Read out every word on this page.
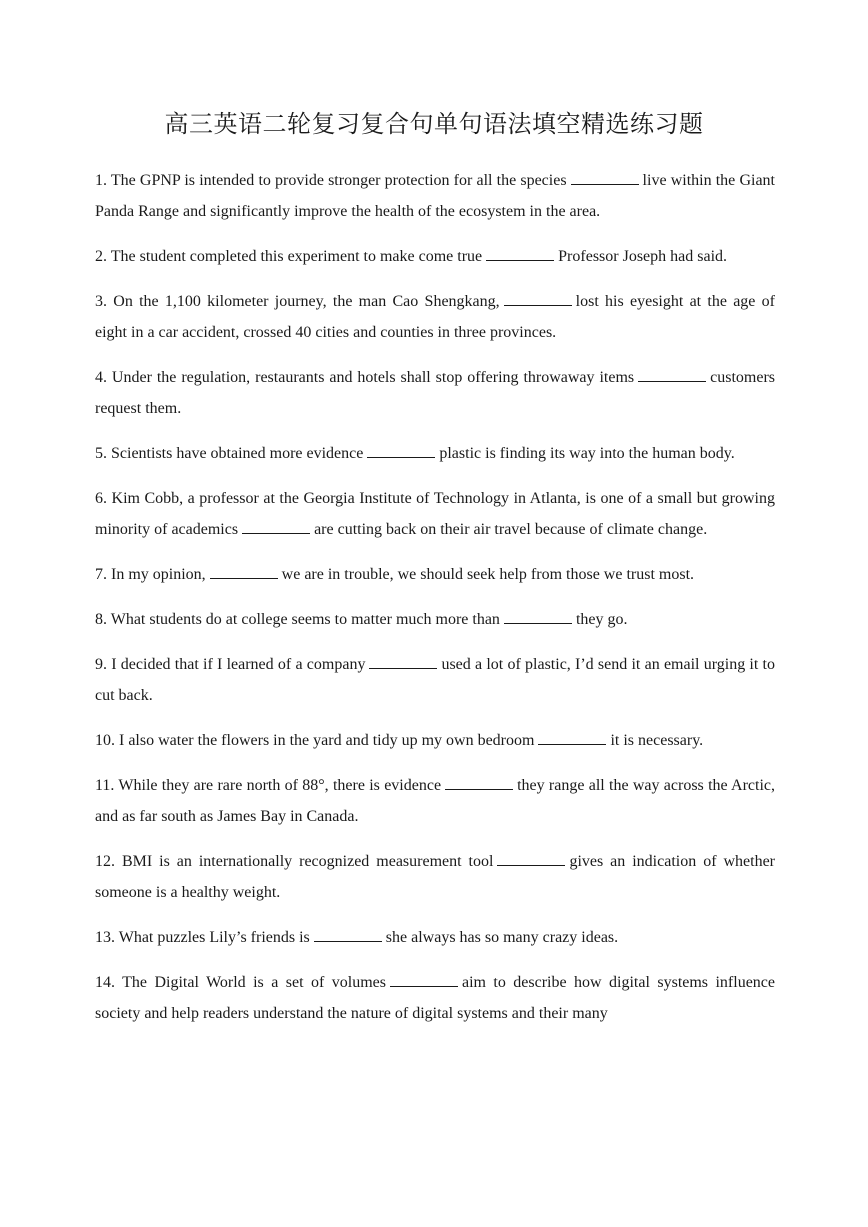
高三英语二轮复习复合句单句语法填空精选练习题

1. The GPNP is intended to provide stronger protection for all the species	live within the Giant Panda Range and significantly improve the health of the ecosystem in the area.

2. The student completed this experiment to make come true	Professor Joseph had said.

3. On the 1,100 kilometer journey, the man Cao Shengkang,	lost his eyesight at the age of eight in a car accident, crossed 40 cities and counties in three provinces.

4. Under the regulation, restaurants and hotels shall stop offering throwaway items	customers request them.

5. Scientists have obtained more evidence	plastic is finding its way into the human body.

6. Kim Cobb, a professor at the Georgia Institute of Technology in Atlanta, is one of a small but growing minority of academics	are cutting back on their air travel because of climate change.

7. In my opinion,	we are in trouble, we should seek help from those we trust most.

8. What students do at college seems to matter much more than	they go.

9. I decided that if I learned of a company	used a lot of plastic, I’d send it an email urging it to cut back.

10. I also water the flowers in the yard and tidy up my own bedroom	it is necessary.

11. While they are rare north of 88°, there is evidence	they range all the way across the Arctic, and as far south as James Bay in Canada.

12. BMI is an internationally recognized measurement tool	gives an indication of whether someone is a healthy weight.

13. What puzzles Lily’s friends is	she always has so many crazy ideas.

14. The Digital World is a set of volumes	aim to describe how digital systems influence society and help readers understand the nature of digital systems and their many
